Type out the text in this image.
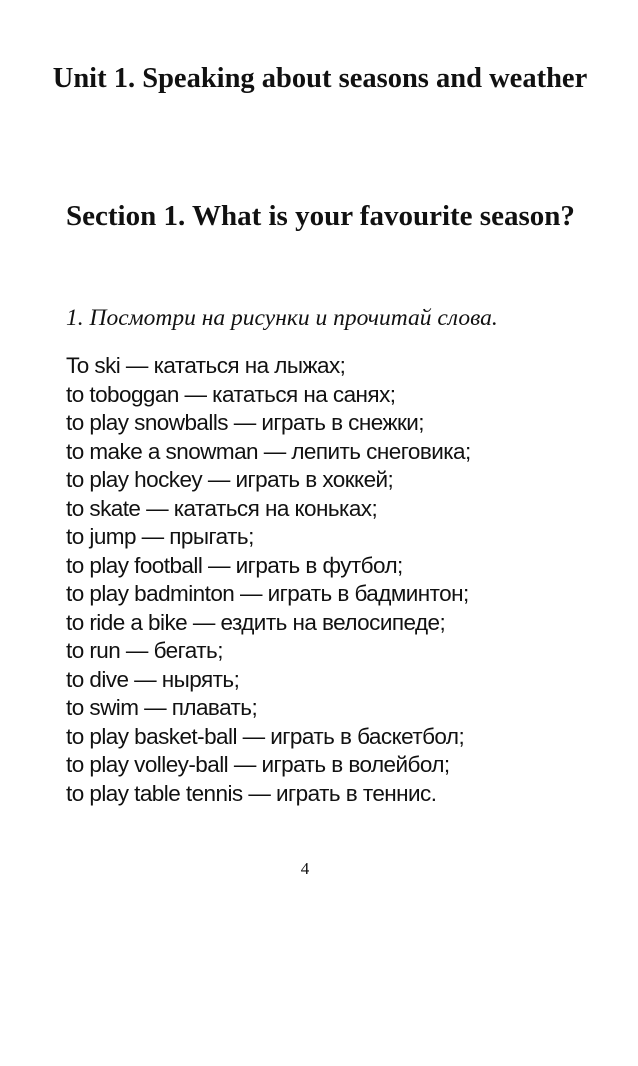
Unit 1. Speaking about seasons and weather
Section 1. What is your favourite season?

1. Посмотри на рисунки и прочитай слова.

To ski — кататься на лыжах;
to toboggan — кататься на санях;
to play snowballs — играть в снежки;
to make a snowman — лепить снеговика;
to play hockey — играть в хоккей;
to skate — кататься на коньках;
to jump — прыгать;
to play football — играть в футбол;
to play badminton — играть в бадминтон;
to ride a bike — ездить на велосипеде;
to run — бегать;
to dive — нырять;
to swim — плавать;
to play basket-ball — играть в баскетбол;
to play volley-ball — играть в волейбол;
to play table tennis — играть в теннис.

4
